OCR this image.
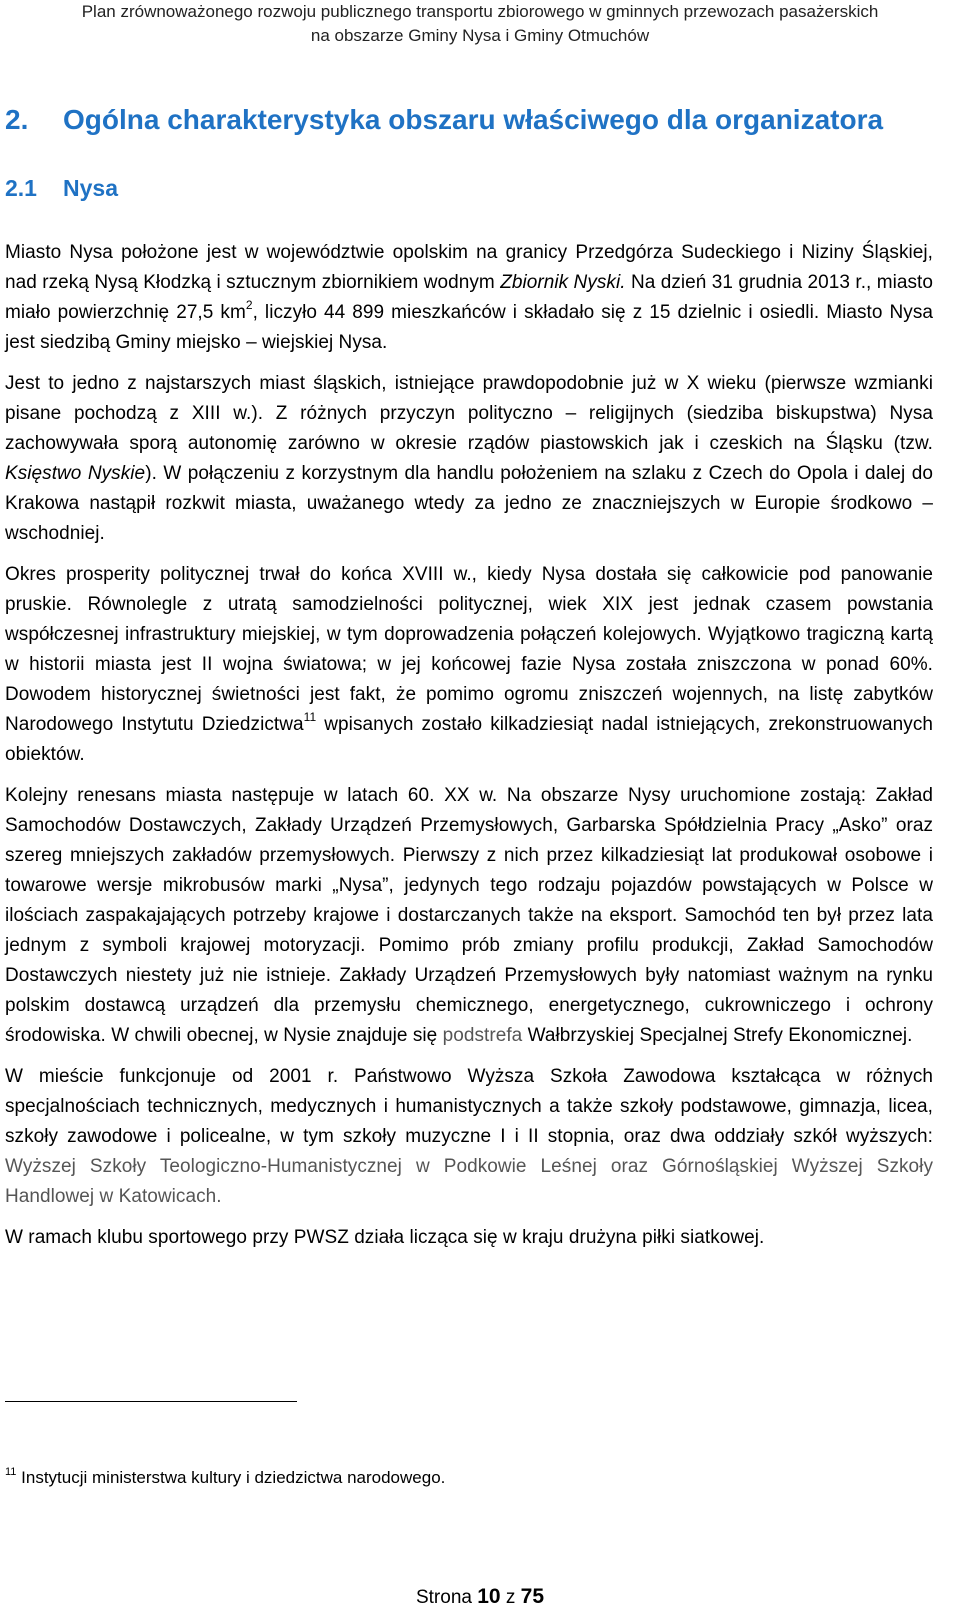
Plan zrównoważonego rozwoju publicznego transportu zbiorowego w gminnych przewozach pasażerskich
na obszarze Gminy Nysa i Gminy Otmuchów
2. Ogólna charakterystyka obszaru właściwego dla organizatora
2.1 Nysa

Miasto Nysa położone jest w województwie opolskim na granicy Przedgórza Sudeckiego i Niziny Śląskiej, nad rzeką Nysą Kłodzką i sztucznym zbiornikiem wodnym Zbiornik Nyski. Na dzień 31 grudnia 2013 r., miasto miało powierzchnię 27,5 $km^2$, liczyło 44 899 mieszkańców i składało się z 15 dzielnic i osiedli. Miasto Nysa jest siedzibą Gminy miejsko – wiejskiej Nysa.

Jest to jedno z najstarszych miast śląskich, istniejące prawdopodobnie już w X wieku (pierwsze wzmianki pisane pochodzą z XIII w.). Z różnych przyczyn polityczno – religijnych (siedziba biskupstwa) Nysa zachowywała sporą autonomię zarówno w okresie rządów piastowskich jak i czeskich na Śląsku (tzw. Księstwo Nyskie). W połączeniu z korzystnym dla handlu położeniem na szlaku z Czech do Opola i dalej do Krakowa nastąpił rozkwit miasta, uważanego wtedy za jedno ze znaczniejszych w Europie środkowo – wschodniej.

Okres prosperity politycznej trwał do końca XVIII w., kiedy Nysa dostała się całkowicie pod panowanie pruskie. Równolegle z utratą samodzielności politycznej, wiek XIX jest jednak czasem powstania współczesnej infrastruktury miejskiej, w tym doprowadzenia połączeń kolejowych. Wyjątkowo tragiczną kartą w historii miasta jest II wojna światowa; w jej końcowej fazie Nysa została zniszczona w ponad 60%. Dowodem historycznej świetności jest fakt, że pomimo ogromu zniszczeń wojennych, na listę zabytków Narodowego Instytutu Dziedzictwa$^{11}$ wpisanych zostało kilkadziesiąt nadal istniejących, zrekonstruowanych obiektów.

Kolejny renesans miasta następuje w latach 60. XX w. Na obszarze Nysy uruchomione zostają: Zakład Samochodów Dostawczych, Zakłady Urządzeń Przemysłowych, Garbarska Spółdzielnia Pracy „Asko” oraz szereg mniejszych zakładów przemysłowych. Pierwszy z nich przez kilkadziesiąt lat produkował osobowe i towarowe wersje mikrobusów marki „Nysa”, jedynych tego rodzaju pojazdów powstających w Polsce w ilościach zaspakajających potrzeby krajowe i dostarczanych także na eksport. Samochód ten był przez lata jednym z symboli krajowej motoryzacji. Pomimo prób zmiany profilu produkcji, Zakład Samochodów Dostawczych niestety już nie istnieje. Zakłady Urządzeń Przemysłowych były natomiast ważnym na rynku polskim dostawcą urządzeń dla przemysłu chemicznego, energetycznego, cukrowniczego i ochrony środowiska. W chwili obecnej, w Nysie znajduje się podstrefa Wałbrzyskiej Specjalnej Strefy Ekonomicznej.

W mieście funkcjonuje od 2001 r. Państwowo Wyższa Szkoła Zawodowa kształcąca w różnych specjalnościach technicznych, medycznych i humanistycznych a także szkoły podstawowe, gimnazja, licea, szkoły zawodowe i policealne, w tym szkoły muzyczne I i II stopnia, oraz dwa oddziały szkół wyższych: Wyższej Szkoły Teologiczno-Humanistycznej w Podkowie Leśnej oraz Górnośląskiej Wyższej Szkoły Handlowej w Katowicach.

W ramach klubu sportowego przy PWSZ działa licząca się w kraju drużyna piłki siatkowej.

$^{11}$ Instytucji ministerstwa kultury i dziedzictwa narodowego.
Strona 10 z 75
